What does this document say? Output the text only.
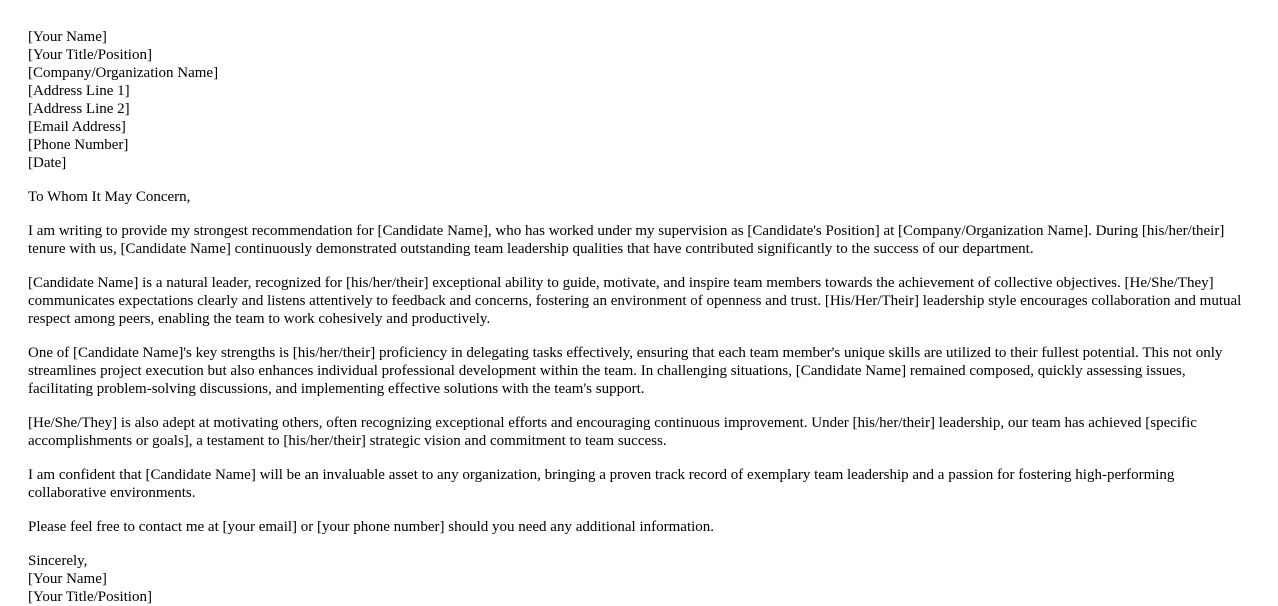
[Your Name]
[Your Title/Position]
[Company/Organization Name]
[Address Line 1]
[Address Line 2]
[Email Address]
[Phone Number]
[Date]

To Whom It May Concern,

I am writing to provide my strongest recommendation for [Candidate Name], who has worked under my supervision as [Candidate's Position] at [Company/Organization Name]. During [his/her/their] tenure with us, [Candidate Name] continuously demonstrated outstanding team leadership qualities that have contributed significantly to the success of our department.

[Candidate Name] is a natural leader, recognized for [his/her/their] exceptional ability to guide, motivate, and inspire team members towards the achievement of collective objectives. [He/She/They] communicates expectations clearly and listens attentively to feedback and concerns, fostering an environment of openness and trust. [His/Her/Their] leadership style encourages collaboration and mutual respect among peers, enabling the team to work cohesively and productively.

One of [Candidate Name]'s key strengths is [his/her/their] proficiency in delegating tasks effectively, ensuring that each team member's unique skills are utilized to their fullest potential. This not only streamlines project execution but also enhances individual professional development within the team. In challenging situations, [Candidate Name] remained composed, quickly assessing issues, facilitating problem-solving discussions, and implementing effective solutions with the team's support.

[He/She/They] is also adept at motivating others, often recognizing exceptional efforts and encouraging continuous improvement. Under [his/her/their] leadership, our team has achieved [specific accomplishments or goals], a testament to [his/her/their] strategic vision and commitment to team success.

I am confident that [Candidate Name] will be an invaluable asset to any organization, bringing a proven track record of exemplary team leadership and a passion for fostering high-performing collaborative environments.

Please feel free to contact me at [your email] or [your phone number] should you need any additional information.

Sincerely,
[Your Name]
[Your Title/Position]
